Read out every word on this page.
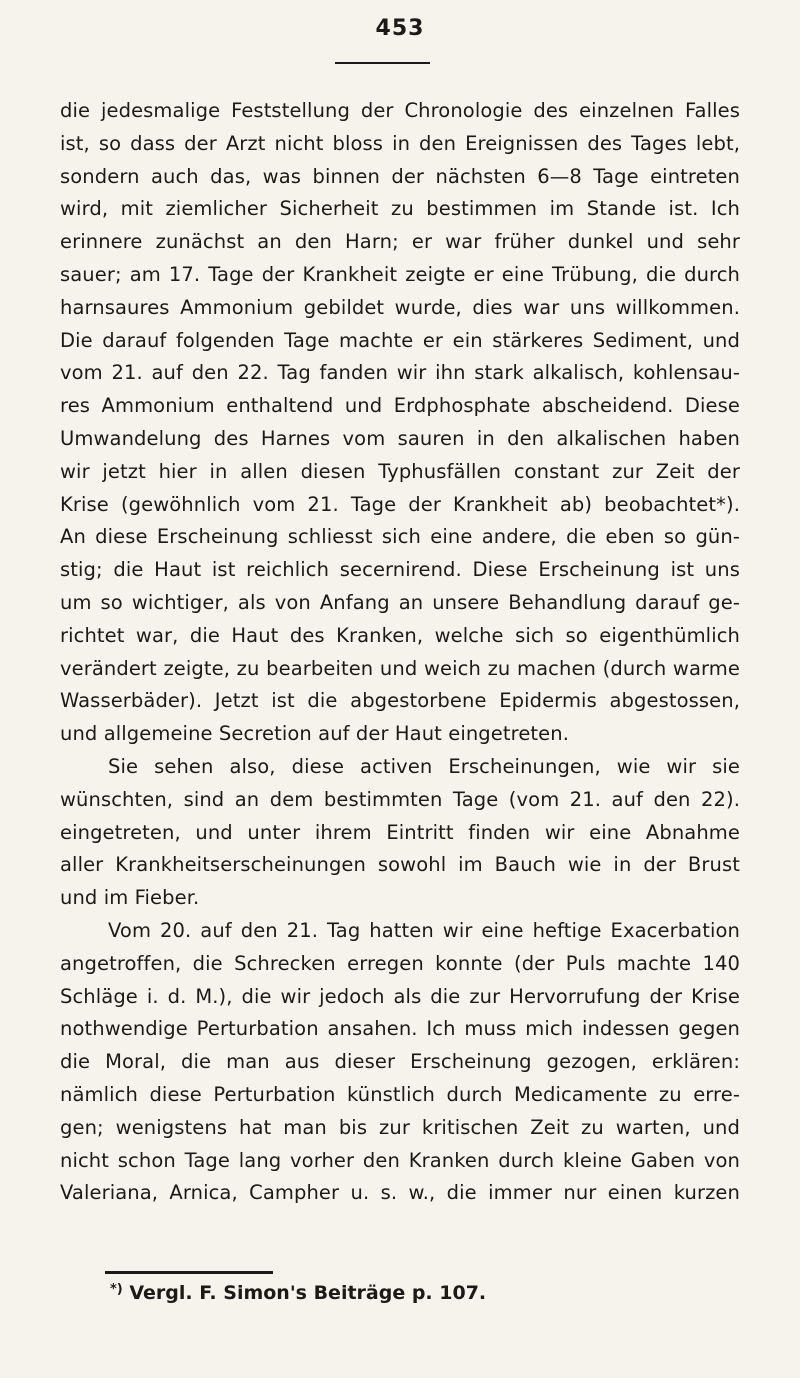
453
die jedesmalige Feststellung der Chronologie des einzelnen Falles
ist, so dass der Arzt nicht bloss in den Ereignissen des Tages lebt,
sondern auch das, was binnen der nächsten 6—8 Tage eintreten
wird, mit ziemlicher Sicherheit zu bestimmen im Stande ist. Ich
erinnere zunächst an den Harn; er war früher dunkel und sehr
sauer; am 17. Tage der Krankheit zeigte er eine Trübung, die durch
harnsaures Ammonium gebildet wurde, dies war uns willkommen.
Die darauf folgenden Tage machte er ein stärkeres Sediment, und
vom 21. auf den 22. Tag fanden wir ihn stark alkalisch, kohlensau-
res Ammonium enthaltend und Erdphosphate abscheidend. Diese
Umwandelung des Harnes vom sauren in den alkalischen haben
wir jetzt hier in allen diesen Typhusfällen constant zur Zeit der
Krise (gewöhnlich vom 21. Tage der Krankheit ab) beobachtet*).
An diese Erscheinung schliesst sich eine andere, die eben so gün-
stig; die Haut ist reichlich secernirend. Diese Erscheinung ist uns
um so wichtiger, als von Anfang an unsere Behandlung darauf ge-
richtet war, die Haut des Kranken, welche sich so eigenthümlich
verändert zeigte, zu bearbeiten und weich zu machen (durch warme
Wasserbäder). Jetzt ist die abgestorbene Epidermis abgestossen,
und allgemeine Secretion auf der Haut eingetreten.
Sie sehen also, diese activen Erscheinungen, wie wir sie
wünschten, sind an dem bestimmten Tage (vom 21. auf den 22).
eingetreten, und unter ihrem Eintritt finden wir eine Abnahme
aller Krankheitserscheinungen sowohl im Bauch wie in der Brust
und im Fieber.
Vom 20. auf den 21. Tag hatten wir eine heftige Exacerbation
angetroffen, die Schrecken erregen konnte (der Puls machte 140
Schläge i. d. M.), die wir jedoch als die zur Hervorrufung der Krise
nothwendige Perturbation ansahen. Ich muss mich indessen gegen
die Moral, die man aus dieser Erscheinung gezogen, erklären:
nämlich diese Perturbation künstlich durch Medicamente zu erre-
gen; wenigstens hat man bis zur kritischen Zeit zu warten, und
nicht schon Tage lang vorher den Kranken durch kleine Gaben von
Valeriana, Arnica, Campher u. s. w., die immer nur einen kurzen
*) Vergl. F. Simon's Beiträge p. 107.
